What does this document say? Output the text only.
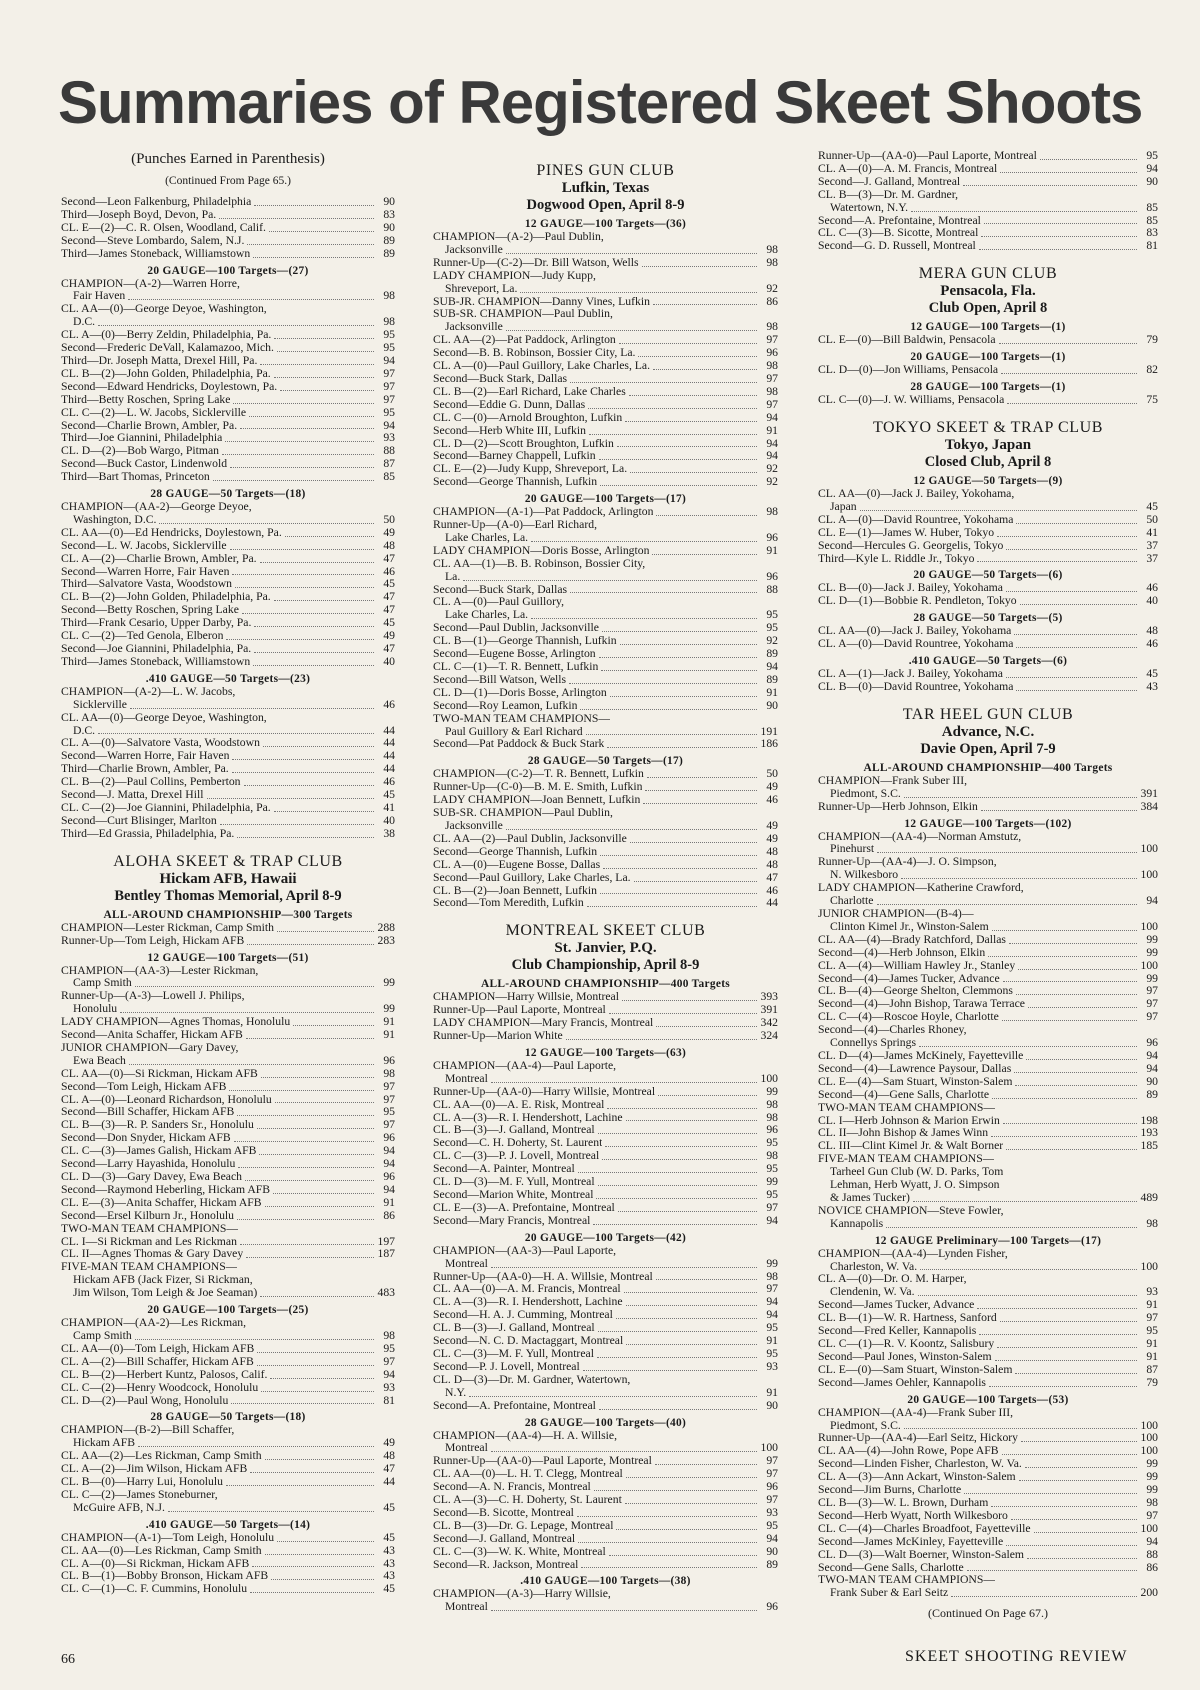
Summaries of Registered Skeet Shoots
(Punches Earned in Parenthesis)
(Continued From Page 65.)
Second—Leon Falkenburg, Philadelphia	90
Third—Joseph Boyd, Devon, Pa.	83
CL. E—(2)—C. R. Olsen, Woodland, Calif.	90
Second—Steve Lombardo, Salem, N.J.	89
Third—James Stoneback, Williamstown	89
20 GAUGE—100 Targets—(27)
CHAMPION—(A-2)—Warren Horre,
Fair Haven	98
CL. AA—(0)—George Deyoe, Washington,
D.C.	98
CL. A—(0)—Berry Zeldin, Philadelphia, Pa.	95
Second—Frederic DeVall, Kalamazoo, Mich.	95
Third—Dr. Joseph Matta, Drexel Hill, Pa.	94
CL. B—(2)—John Golden, Philadelphia, Pa.	97
Second—Edward Hendricks, Doylestown, Pa.	97
Third—Betty Roschen, Spring Lake	97
CL. C—(2)—L. W. Jacobs, Sicklerville	95
Second—Charlie Brown, Ambler, Pa.	94
Third—Joe Giannini, Philadelphia	93
CL. D—(2)—Bob Wargo, Pitman	88
Second—Buck Castor, Lindenwold	87
Third—Bart Thomas, Princeton	85
28 GAUGE—50 Targets—(18)
CHAMPION—(AA-2)—George Deyoe,
Washington, D.C.	50
CL. AA—(0)—Ed Hendricks, Doylestown, Pa.	49
Second—L. W. Jacobs, Sicklerville	48
CL. A—(2)—Charlie Brown, Ambler, Pa.	47
Second—Warren Horre, Fair Haven	46
Third—Salvatore Vasta, Woodstown	45
CL. B—(2)—John Golden, Philadelphia, Pa.	47
Second—Betty Roschen, Spring Lake	47
Third—Frank Cesario, Upper Darby, Pa.	45
CL. C—(2)—Ted Genola, Elberon	49
Second—Joe Giannini, Philadelphia, Pa.	47
Third—James Stoneback, Williamstown	40
.410 GAUGE—50 Targets—(23)
CHAMPION—(A-2)—L. W. Jacobs,
Sicklerville	46
CL. AA—(0)—George Deyoe, Washington,
D.C.	44
CL. A—(0)—Salvatore Vasta, Woodstown	44
Second—Warren Horre, Fair Haven	44
Third—Charlie Brown, Ambler, Pa.	44
CL. B—(2)—Paul Collins, Pemberton	46
Second—J. Matta, Drexel Hill	45
CL. C—(2)—Joe Giannini, Philadelphia, Pa.	41
Second—Curt Blisinger, Marlton	40
Third—Ed Grassia, Philadelphia, Pa.	38
ALOHA SKEET & TRAP CLUB
Hickam AFB, Hawaii
Bentley Thomas Memorial, April 8-9
ALL-AROUND CHAMPIONSHIP—300 Targets
CHAMPION—Lester Rickman, Camp Smith	288
Runner-Up—Tom Leigh, Hickam AFB	283
12 GAUGE—100 Targets—(51)
CHAMPION—(AA-3)—Lester Rickman,
Camp Smith	99
Runner-Up—(A-3)—Lowell J. Philips,
Honolulu	99
LADY CHAMPION—Agnes Thomas, Honolulu	91
Second—Anita Schaffer, Hickam AFB	91
JUNIOR CHAMPION—Gary Davey,
Ewa Beach	96
CL. AA—(0)—Si Rickman, Hickam AFB	98
Second—Tom Leigh, Hickam AFB	97
CL. A—(0)—Leonard Richardson, Honolulu	97
Second—Bill Schaffer, Hickam AFB	95
CL. B—(3)—R. P. Sanders Sr., Honolulu	97
Second—Don Snyder, Hickam AFB	96
CL. C—(3)—James Galish, Hickam AFB	94
Second—Larry Hayashida, Honolulu	94
CL. D—(3)—Gary Davey, Ewa Beach	96
Second—Raymond Heberling, Hickam AFB	94
CL. E—(3)—Anita Schaffer, Hickam AFB	91
Second—Ersel Kilburn Jr., Honolulu	86
TWO-MAN TEAM CHAMPIONS—
CL. I—Si Rickman and Les Rickman	197
CL. II—Agnes Thomas & Gary Davey	187
FIVE-MAN TEAM CHAMPIONS—
Hickam AFB (Jack Fizer, Si Rickman,
Jim Wilson, Tom Leigh & Joe Seaman)	483
20 GAUGE—100 Targets—(25)
CHAMPION—(AA-2)—Les Rickman,
Camp Smith	98
CL. AA—(0)—Tom Leigh, Hickam AFB	95
CL. A—(2)—Bill Schaffer, Hickam AFB	97
CL. B—(2)—Herbert Kuntz, Palosos, Calif.	94
CL. C—(2)—Henry Woodcock, Honolulu	93
CL. D—(2)—Paul Wong, Honolulu	81
28 GAUGE—50 Targets—(18)
CHAMPION—(B-2)—Bill Schaffer,
Hickam AFB	49
CL. AA—(2)—Les Rickman, Camp Smith	48
CL. A—(2)—Jim Wilson, Hickam AFB	47
CL. B—(0)—Harry Lui, Honolulu	44
CL. C—(2)—James Stoneburner,
McGuire AFB, N.J.	45
.410 GAUGE—50 Targets—(14)
CHAMPION—(A-1)—Tom Leigh, Honolulu	45
CL. AA—(0)—Les Rickman, Camp Smith	43
CL. A—(0)—Si Rickman, Hickam AFB	43
CL. B—(1)—Bobby Bronson, Hickam AFB	43
CL. C—(1)—C. F. Cummins, Honolulu	45
PINES GUN CLUB
Lufkin, Texas
Dogwood Open, April 8-9
12 GAUGE—100 Targets—(36)
CHAMPION—(A-2)—Paul Dublin,
Jacksonville	98
Runner-Up—(C-2)—Dr. Bill Watson, Wells	98
LADY CHAMPION—Judy Kupp,
Shreveport, La.	92
SUB-JR. CHAMPION—Danny Vines, Lufkin	86
SUB-SR. CHAMPION—Paul Dublin,
Jacksonville	98
CL. AA—(2)—Pat Paddock, Arlington	97
Second—B. B. Robinson, Bossier City, La.	96
CL. A—(0)—Paul Guillory, Lake Charles, La.	98
Second—Buck Stark, Dallas	97
CL. B—(2)—Earl Richard, Lake Charles	98
Second—Eddie G. Dunn, Dallas	97
CL. C—(0)—Arnold Broughton, Lufkin	94
Second—Herb White III, Lufkin	91
CL. D—(2)—Scott Broughton, Lufkin	94
Second—Barney Chappell, Lufkin	94
CL. E—(2)—Judy Kupp, Shreveport, La.	92
Second—George Thannish, Lufkin	92
20 GAUGE—100 Targets—(17)
CHAMPION—(A-1)—Pat Paddock, Arlington	98
Runner-Up—(A-0)—Earl Richard,
Lake Charles, La.	96
LADY CHAMPION—Doris Bosse, Arlington	91
CL. AA—(1)—B. B. Robinson, Bossier City,
La.	96
Second—Buck Stark, Dallas	88
CL. A—(0)—Paul Guillory,
Lake Charles, La.	95
Second—Paul Dublin, Jacksonville	95
CL. B—(1)—George Thannish, Lufkin	92
Second—Eugene Bosse, Arlington	89
CL. C—(1)—T. R. Bennett, Lufkin	94
Second—Bill Watson, Wells	89
CL. D—(1)—Doris Bosse, Arlington	91
Second—Roy Leamon, Lufkin	90
TWO-MAN TEAM CHAMPIONS—
Paul Guillory & Earl Richard	191
Second—Pat Paddock & Buck Stark	186
28 GAUGE—50 Targets—(17)
CHAMPION—(C-2)—T. R. Bennett, Lufkin	50
Runner-Up—(C-0)—B. M. E. Smith, Lufkin	49
LADY CHAMPION—Joan Bennett, Lufkin	46
SUB-SR. CHAMPION—Paul Dublin,
Jacksonville	49
CL. AA—(2)—Paul Dublin, Jacksonville	49
Second—George Thannish, Lufkin	48
CL. A—(0)—Eugene Bosse, Dallas	48
Second—Paul Guillory, Lake Charles, La.	47
CL. B—(2)—Joan Bennett, Lufkin	46
Second—Tom Meredith, Lufkin	44
MONTREAL SKEET CLUB
St. Janvier, P.Q.
Club Championship, April 8-9
ALL-AROUND CHAMPIONSHIP—400 Targets
CHAMPION—Harry Willsie, Montreal	393
Runner-Up—Paul Laporte, Montreal	391
LADY CHAMPION—Mary Francis, Montreal	342
Runner-Up—Marion White	324
12 GAUGE—100 Targets—(63)
CHAMPION—(AA-4)—Paul Laporte,
Montreal	100
Runner-Up—(AA-0)—Harry Willsie, Montreal	99
CL. AA—(0)—A. E. Risk, Montreal	98
CL. A—(3)—R. I. Hendershott, Lachine	98
CL. B—(3)—J. Galland, Montreal	96
Second—C. H. Doherty, St. Laurent	95
CL. C—(3)—P. J. Lovell, Montreal	98
Second—A. Painter, Montreal	95
CL. D—(3)—M. F. Yull, Montreal	99
Second—Marion White, Montreal	95
CL. E—(3)—A. Prefontaine, Montreal	97
Second—Mary Francis, Montreal	94
20 GAUGE—100 Targets—(42)
CHAMPION—(AA-3)—Paul Laporte,
Montreal	99
Runner-Up—(AA-0)—H. A. Willsie, Montreal	98
CL. AA—(0)—A. M. Francis, Montreal	97
CL. A—(3)—R. I. Hendershott, Lachine	94
Second—H. A. J. Cumming, Montreal	94
CL. B—(3)—J. Galland, Montreal	95
Second—N. C. D. Mactaggart, Montreal	91
CL. C—(3)—M. F. Yull, Montreal	95
Second—P. J. Lovell, Montreal	93
CL. D—(3)—Dr. M. Gardner, Watertown,
N.Y.	91
Second—A. Prefontaine, Montreal	90
28 GAUGE—100 Targets—(40)
CHAMPION—(AA-4)—H. A. Willsie,
Montreal	100
Runner-Up—(AA-0)—Paul Laporte, Montreal	97
CL. AA—(0)—L. H. T. Clegg, Montreal	97
Second—A. N. Francis, Montreal	96
CL. A—(3)—C. H. Doherty, St. Laurent	97
Second—B. Sicotte, Montreal	93
CL. B—(3)—Dr. G. Lepage, Montreal	95
Second—J. Galland, Montreal	94
CL. C—(3)—W. K. White, Montreal	90
Second—R. Jackson, Montreal	89
.410 GAUGE—100 Targets—(38)
CHAMPION—(A-3)—Harry Willsie,
Montreal	96
Runner-Up—(AA-0)—Paul Laporte, Montreal	95
CL. A—(0)—A. M. Francis, Montreal	94
Second—J. Galland, Montreal	90
CL. B—(3)—Dr. M. Gardner,
Watertown, N.Y.	85
Second—A. Prefontaine, Montreal	85
CL. C—(3)—B. Sicotte, Montreal	83
Second—G. D. Russell, Montreal	81
MERA GUN CLUB
Pensacola, Fla.
Club Open, April 8
12 GAUGE—100 Targets—(1)
CL. E—(0)—Bill Baldwin, Pensacola	79
20 GAUGE—100 Targets—(1)
CL. D—(0)—Jon Williams, Pensacola	82
28 GAUGE—100 Targets—(1)
CL. C—(0)—J. W. Williams, Pensacola	75
TOKYO SKEET & TRAP CLUB
Tokyo, Japan
Closed Club, April 8
12 GAUGE—50 Targets—(9)
CL. AA—(0)—Jack J. Bailey, Yokohama,
Japan	45
CL. A—(0)—David Rountree, Yokohama	50
CL. E—(1)—James W. Huber, Tokyo	41
Second—Hercules G. Georgelis, Tokyo	37
Third—Kyle L. Riddle Jr., Tokyo	37
20 GAUGE—50 Targets—(6)
CL. B—(0)—Jack J. Bailey, Yokohama	46
CL. D—(1)—Bobbie R. Pendleton, Tokyo	40
28 GAUGE—50 Targets—(5)
CL. AA—(0)—Jack J. Bailey, Yokohama	48
CL. A—(0)—David Rountree, Yokohama	46
.410 GAUGE—50 Targets—(6)
CL. A—(1)—Jack J. Bailey, Yokohama	45
CL. B—(0)—David Rountree, Yokohama	43
TAR HEEL GUN CLUB
Advance, N.C.
Davie Open, April 7-9
ALL-AROUND CHAMPIONSHIP—400 Targets
CHAMPION—Frank Suber III,
Piedmont, S.C.	391
Runner-Up—Herb Johnson, Elkin	384
12 GAUGE—100 Targets—(102)
CHAMPION—(AA-4)—Norman Amstutz,
Pinehurst	100
Runner-Up—(AA-4)—J. O. Simpson,
N. Wilkesboro	100
LADY CHAMPION—Katherine Crawford,
Charlotte	94
JUNIOR CHAMPION—(B-4)—
Clinton Kimel Jr., Winston-Salem	100
CL. AA—(4)—Brady Ratchford, Dallas	99
Second—(4)—Herb Johnson, Elkin	99
CL. A—(4)—William Hawley Jr., Stanley	100
Second—(4)—James Tucker, Advance	99
CL. B—(4)—George Shelton, Clemmons	97
Second—(4)—John Bishop, Tarawa Terrace	97
CL. C—(4)—Roscoe Hoyle, Charlotte	97
Second—(4)—Charles Rhoney,
Connellys Springs	96
CL. D—(4)—James McKinely, Fayetteville	94
Second—(4)—Lawrence Paysour, Dallas	94
CL. E—(4)—Sam Stuart, Winston-Salem	90
Second—(4)—Gene Salls, Charlotte	89
TWO-MAN TEAM CHAMPIONS—
CL. I—Herb Johnson & Marion Erwin	198
CL. II—John Bishop & James Winn	193
CL. III—Clint Kimel Jr. & Walt Borner	185
FIVE-MAN TEAM CHAMPIONS—
Tarheel Gun Club (W. D. Parks, Tom
Lehman, Herb Wyatt, J. O. Simpson
& James Tucker)	489
NOVICE CHAMPION—Steve Fowler,
Kannapolis	98
12 GAUGE Preliminary—100 Targets—(17)
CHAMPION—(AA-4)—Lynden Fisher,
Charleston, W. Va.	100
CL. A—(0)—Dr. O. M. Harper,
Clendenin, W. Va.	93
Second—James Tucker, Advance	91
CL. B—(1)—W. R. Hartness, Sanford	97
Second—Fred Keller, Kannapolis	95
CL. C—(1)—R. V. Koontz, Salisbury	91
Second—Paul Jones, Winston-Salem	91
CL. E—(0)—Sam Stuart, Winston-Salem	87
Second—James Oehler, Kannapolis	79
20 GAUGE—100 Targets—(53)
CHAMPION—(AA-4)—Frank Suber III,
Piedmont, S.C.	100
Runner-Up—(AA-4)—Earl Seitz, Hickory	100
CL. AA—(4)—John Rowe, Pope AFB	100
Second—Linden Fisher, Charleston, W. Va.	99
CL. A—(3)—Ann Ackart, Winston-Salem	99
Second—Jim Burns, Charlotte	99
CL. B—(3)—W. L. Brown, Durham	98
Second—Herb Wyatt, North Wilkesboro	97
CL. C—(4)—Charles Broadfoot, Fayetteville	100
Second—James McKinley, Fayetteville	94
CL. D—(3)—Walt Boerner, Winston-Salem	88
Second—Gene Salls, Charlotte	86
TWO-MAN TEAM CHAMPIONS—
Frank Suber & Earl Seitz	200
(Continued On Page 67.)
66	SKEET SHOOTING REVIEW
